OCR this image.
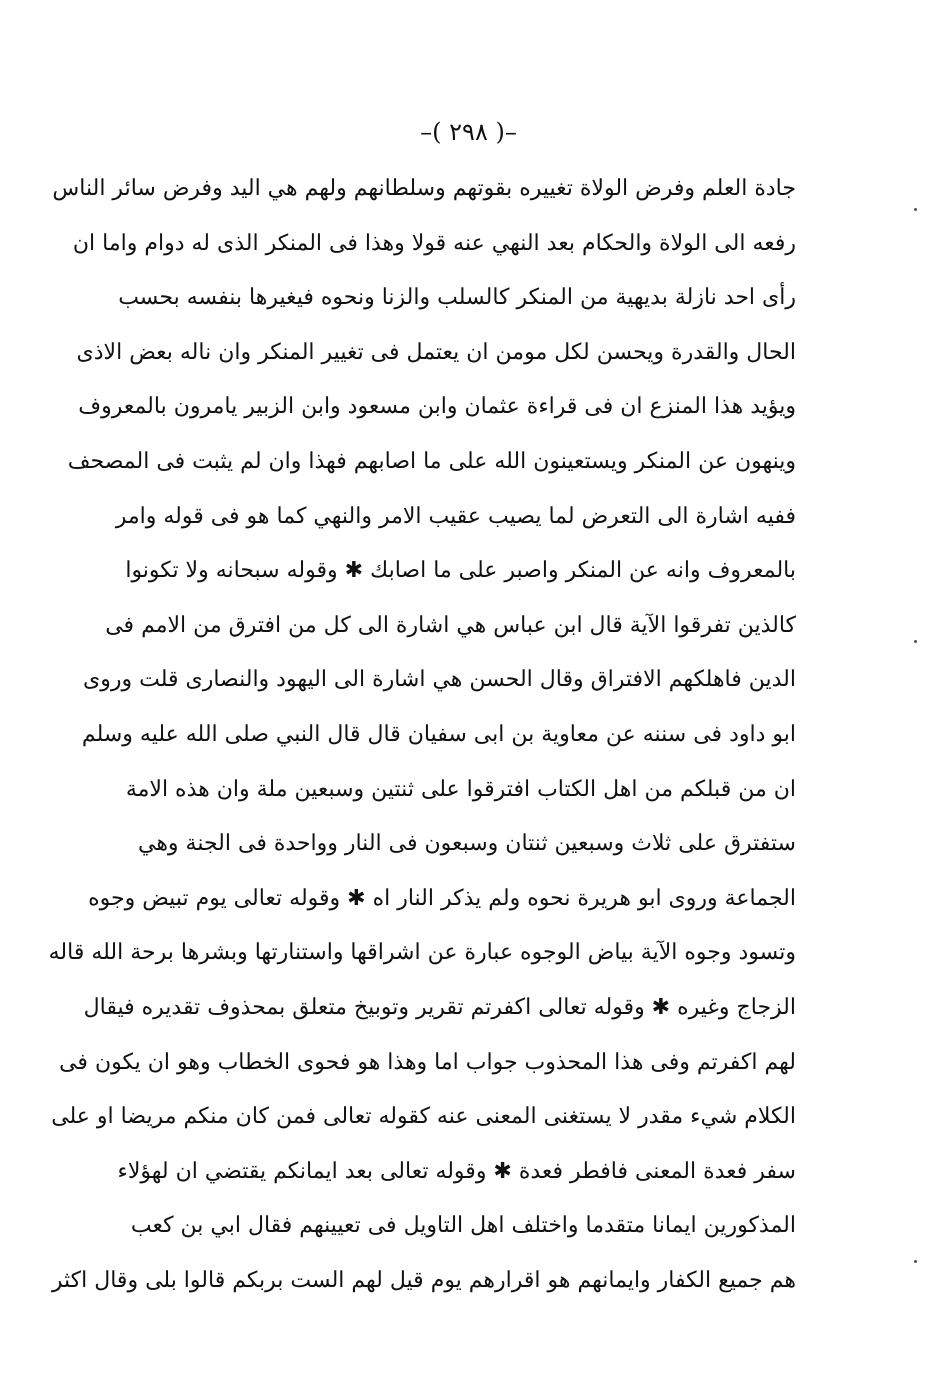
–( ٢٩٨ )–
جادة العلم وفرض الولاة تغييره بقوتهم وسلطانهم ولهم هي اليد وفرض سائر الناس
رفعه الى الولاة والحكام بعد النهي عنه قولا وهذا فى المنكر الذى له دوام واما ان
رأى احد نازلة بديهية من المنكر كالسلب والزنا ونحوه فيغيرها بنفسه بحسب
الحال والقدرة ويحسن لكل مومن ان يعتمل فى تغيير المنكر وان ناله بعض الاذى
ويؤيد هذا المنزع ان فى قراءة عثمان وابن مسعود وابن الزبير يامرون بالمعروف
وينهون عن المنكر ويستعينون الله على ما اصابهم فهذا وان لم يثبت فى المصحف
ففيه اشارة الى التعرض لما يصيب عقيب الامر والنهي كما هو فى قوله وامر
بالمعروف وانه عن المنكر واصبر على ما اصابك ✱ وقوله سبحانه ولا تكونوا
كالذين تفرقوا الآية قال ابن عباس هي اشارة الى كل من افترق من الامم فى
الدين فاهلكهم الافتراق وقال الحسن هي اشارة الى اليهود والنصارى قلت وروى
ابو داود فى سننه عن معاوية بن ابى سفيان قال قال النبي صلى الله عليه وسلم
ان من قبلكم من اهل الكتاب افترقوا على ثنتين وسبعين ملة وان هذه الامة
ستفترق على ثلاث وسبعين ثنتان وسبعون فى النار وواحدة فى الجنة وهي
الجماعة وروى ابو هريرة نحوه ولم يذكر النار اه ✱ وقوله تعالى يوم تبيض وجوه
وتسود وجوه الآية بياض الوجوه عبارة عن اشراقها واستنارتها وبشرها برحة الله قاله
الزجاج وغيره ✱ وقوله تعالى اكفرتم تقرير وتوبيخ متعلق بمحذوف تقديره فيقال
لهم اكفرتم وفى هذا المحذوب جواب اما وهذا هو فحوى الخطاب وهو ان يكون فى
الكلام شيء مقدر لا يستغنى المعنى عنه كقوله تعالى فمن كان منكم مريضا او على
سفر فعدة المعنى فافطر فعدة ✱ وقوله تعالى بعد ايمانكم يقتضي ان لهؤلاء
المذكورين ايمانا متقدما واختلف اهل التاويل فى تعيينهم فقال ابي بن كعب
هم جميع الكفار وايمانهم هو اقرارهم يوم قيل لهم الست بربكم قالوا بلى وقال اكثر
